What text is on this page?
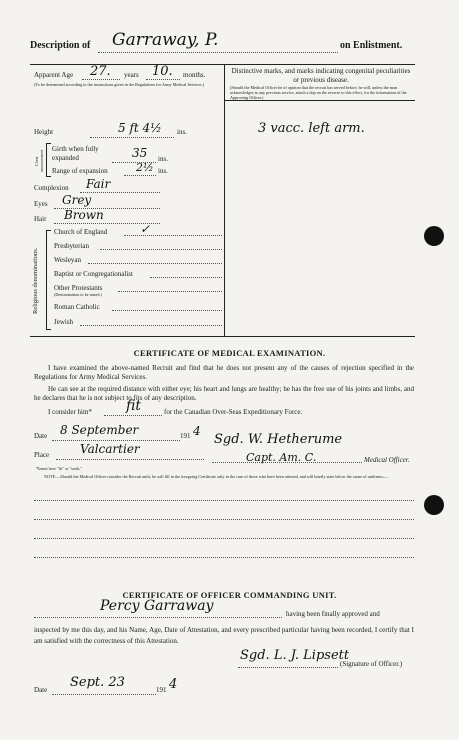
Description of Garraway, P.	on Enlistment.
Apparent Age 27. years 10. months.
(To be determined according to the instructions given in the Regulations for Army Medical Services.)
Height	5 ft 4½ ins.
Chest measurement
Girth when fully expanded	35 ins.
Range of expansion	2½ ins.
Complexion Fair
Eyes Grey
Hair Brown
Religious denominations.
Church of England	✓
Presbyterian
Wesleyan
Baptist or Congregationalist
Other Protestants
(Denomination to be stated.)
Roman Catholic
Jewish
Distinctive marks, and marks indicating congenital peculiarities or previous disease.
(Should the Medical Officer be of opinion that the recruit has served before, he will, unless the man acknowledges to any previous service, attach a slip on the reverse to this effect, for the information of the Approving Officer.)
3 vacc. left arm.
CERTIFICATE OF MEDICAL EXAMINATION.
I have examined the above-named Recruit and find that he does not present any of the causes of rejection specified in the Regulations for Army Medical Services.
He can see at the required distance with either eye; his heart and lungs are healthy; he has the free use of his joints and limbs, and he declares that he is not subject to fits of any description.
I consider him* fit	for the Canadian Over-Seas Expeditionary Force.
Date 8 September	191 4
Place	Valcartier
Sgd. W. Hetherume
Capt. Am. C.	Medical Officer.
*Insert here "fit" or "unfit."
NOTE.—Should the Medical Officer consider the Recruit unfit, he will fill in the foregoing Certificate only in the case of those who have been attested, and will briefly state below the cause of unfitness:—
CERTIFICATE OF OFFICER COMMANDING UNIT.
Percy Garraway	having been finally approved and
inspected by me this day, and his Name, Age, Date of Attestation, and every prescribed particular having been recorded, I certify that I am satisfied with the correctness of this Attestation.
Sgd. L. J. Lipsett
(Signature of Officer.)
Date Sept. 23	191 4
